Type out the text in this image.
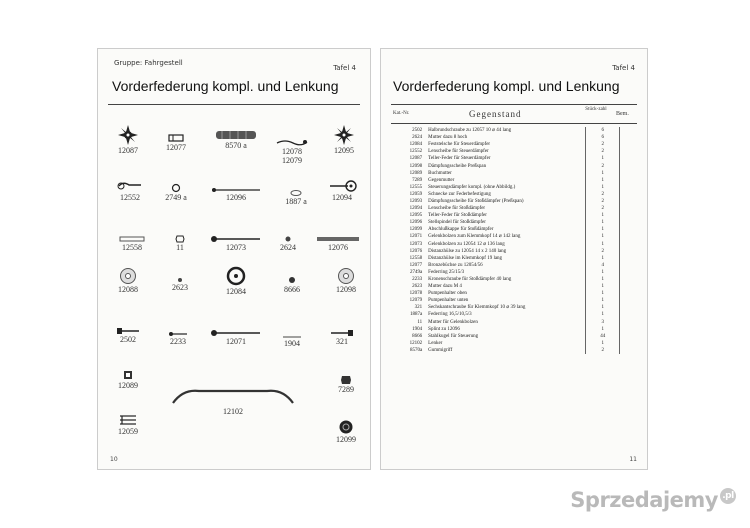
Gruppe: Fahrgestell
Tafel 4
Vorderfederung kompl. und Lenkung
12087	12077	8570 a
12078
12079
12095
12552	2749 a	12096	1887 a	12094
12558	11	12073	2624	12076
12088	2623	12084	8666	12098
2502	2233	12071	1904	321
12089
12102
7289
12059
12099
10
Tafel 4
Vorderfederung kompl. und Lenkung
Kat.-Nr.	Gegenstand	Stück-zahl
Bem.
2502	Halbrundschraube zu 12057 10 ⌀ 44 lang	6	
2624	Mutter dazu 8 hoch	6	
12084	Feststelsche für Steuerdämpfer	2	
12552	Lenscheibe für Steuerdämpfer	2	
12087	Teller-Feder für Steuerdämpfer	1	
12098	Dämpfungsscheibe Preßspan	2	
12089	Buchmutter	1	
7289	Gegenmutter	1	
12555	Steuerungsdämpfer kompl. (ohne Abbildg.)	1	
12059	Schnecke zur Federbefestigung	2	
12093	Dämpfungsscheibe für Stoßdämpfer (Preßspan)	2	
12094	Lenscheibe für Stoßdämpfer	2	
12095	Teller-Feder für Stoßdämpfer	1	
12096	Stellspindel für Stoßdämpfer	1	
12099	Abschlußkappe für Stoßdämpfer	1	
12071	Gelenkbolzen zum Klemmkopf 14 ⌀ 142 lang	1	
12073	Gelenkbolzen zu 12054 12 ⌀ 136 lang	1	
12076	Distanzhülse zu 12054 14 x 2 140 lang	2	
12558	Distanzhülse im Klemmkopf 19 lang	1	
12077	Bronzebüchse zu 12054/56	4	
2749a	Federring 25/15/3	1	
2233	Kronenschraube für Stoßdämpfer 40 lang	1	
2623	Mutter dazu M 4	1	
12078	Pumpenhalter oben	1	
12079	Pumpenhalter unten	1	
321	Sechskantschraube für Klemmkopf 10 ⌀ 39 lang	1	
1887a	Federring 16,5/10,5/3	1	
11	Mutter für Gelenkbolzen	3	
1904	Splint zu 12096	1	
8666	Stahlkugel für Steuerung	44	
12102	Lenker	1	
8570a	Gummigriff	2	
11
Sprzedajemy .pl
